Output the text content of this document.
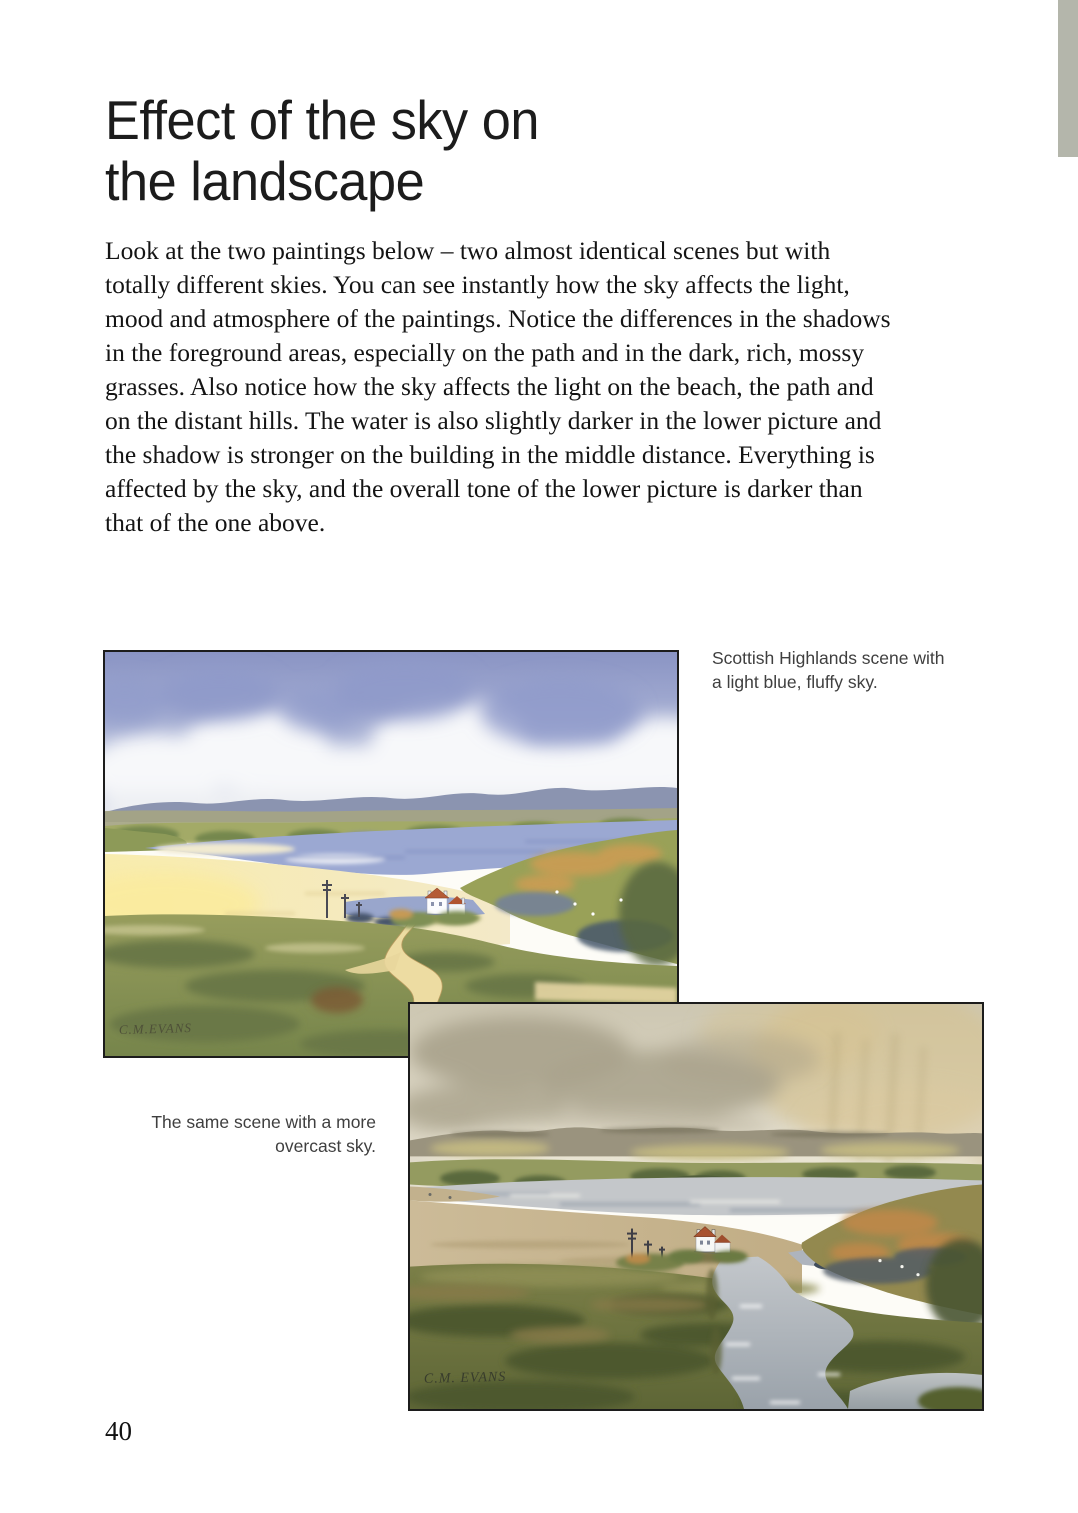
Effect of the sky on
the landscape

Look at the two paintings below – two almost identical scenes but with totally different skies. You can see instantly how the sky affects the light, mood and atmosphere of the paintings. Notice the differences in the shadows in the foreground areas, especially on the path and in the dark, rich, mossy grasses. Also notice how the sky affects the light on the beach, the path and on the distant hills. The water is also slightly darker in the lower picture and the shadow is stronger on the building in the middle distance. Everything is affected by the sky, and the overall tone of the lower picture is darker than that of the one above.

C.M.EVANS
Scottish Highlands scene with a light blue, fluffy sky.
C.M. EVANS
The same scene with a more overcast sky.
40
